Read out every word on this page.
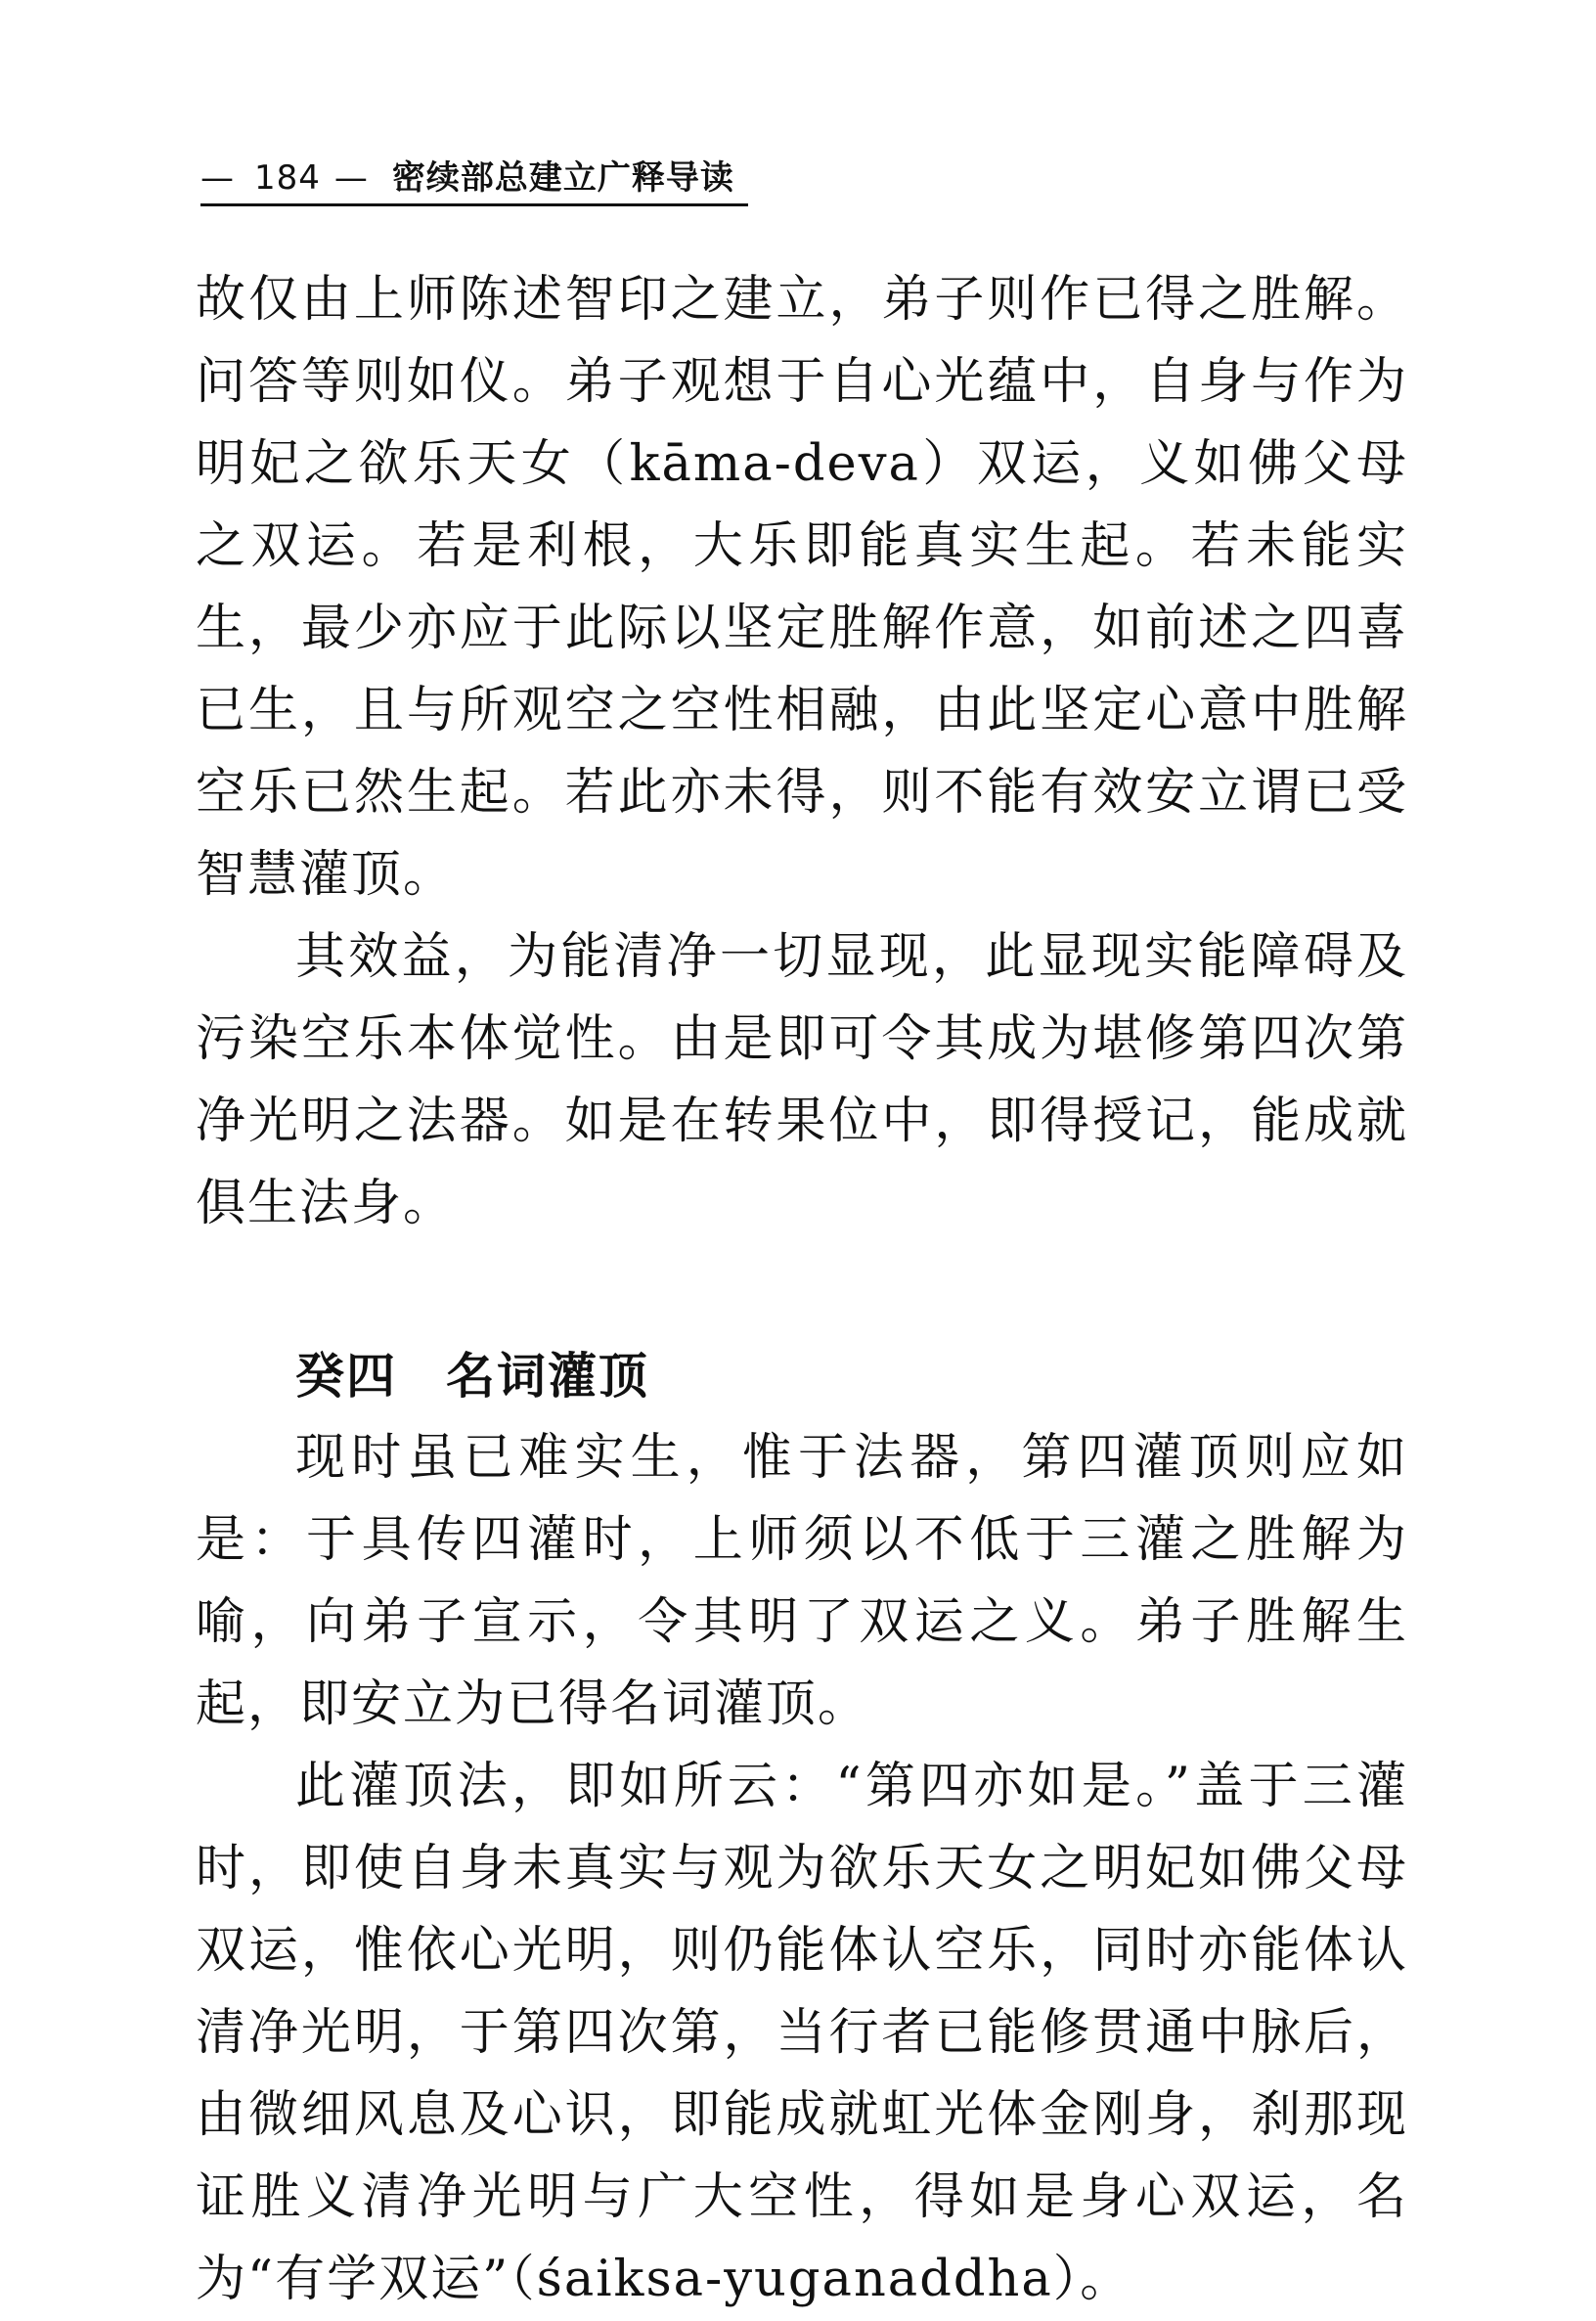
— 184 — 密续部总建立广释导读

故仅由上师陈述智印之建立，弟子则作已得之胜解。问答等则如仪。弟子观想于自心光蕴中，自身与作为明妃之欲乐天女（kāma-deva）双运，义如佛父母之双运。若是利根，大乐即能真实生起。若未能实生，最少亦应于此际以坚定胜解作意，如前述之四喜已生，且与所观空之空性相融，由此坚定心意中胜解空乐已然生起。若此亦未得，则不能有效安立谓已受智慧灌顶。

其效益，为能清净一切显现，此显现实能障碍及污染空乐本体觉性。由是即可令其成为堪修第四次第净光明之法器。如是在转果位中，即得授记，能成就俱生法身。

癸四 名词灌顶

现时虽已难实生，惟于法器，第四灌顶则应如是：于具传四灌时，上师须以不低于三灌之胜解为喻，向弟子宣示，令其明了双运之义。弟子胜解生起，即安立为已得名词灌顶。

此灌顶法，即如所云：“第四亦如是。”盖于三灌时，即使自身未真实与观为欲乐天女之明妃如佛父母双运，惟依心光明，则仍能体认空乐，同时亦能体认清净光明，于第四次第，当行者已能修贯通中脉后，由微细风息及心识，即能成就虹光体金刚身，刹那现证胜义清净光明与广大空性，得如是身心双运，名为“有学双运”（śaiksa-yuganaddha）。
